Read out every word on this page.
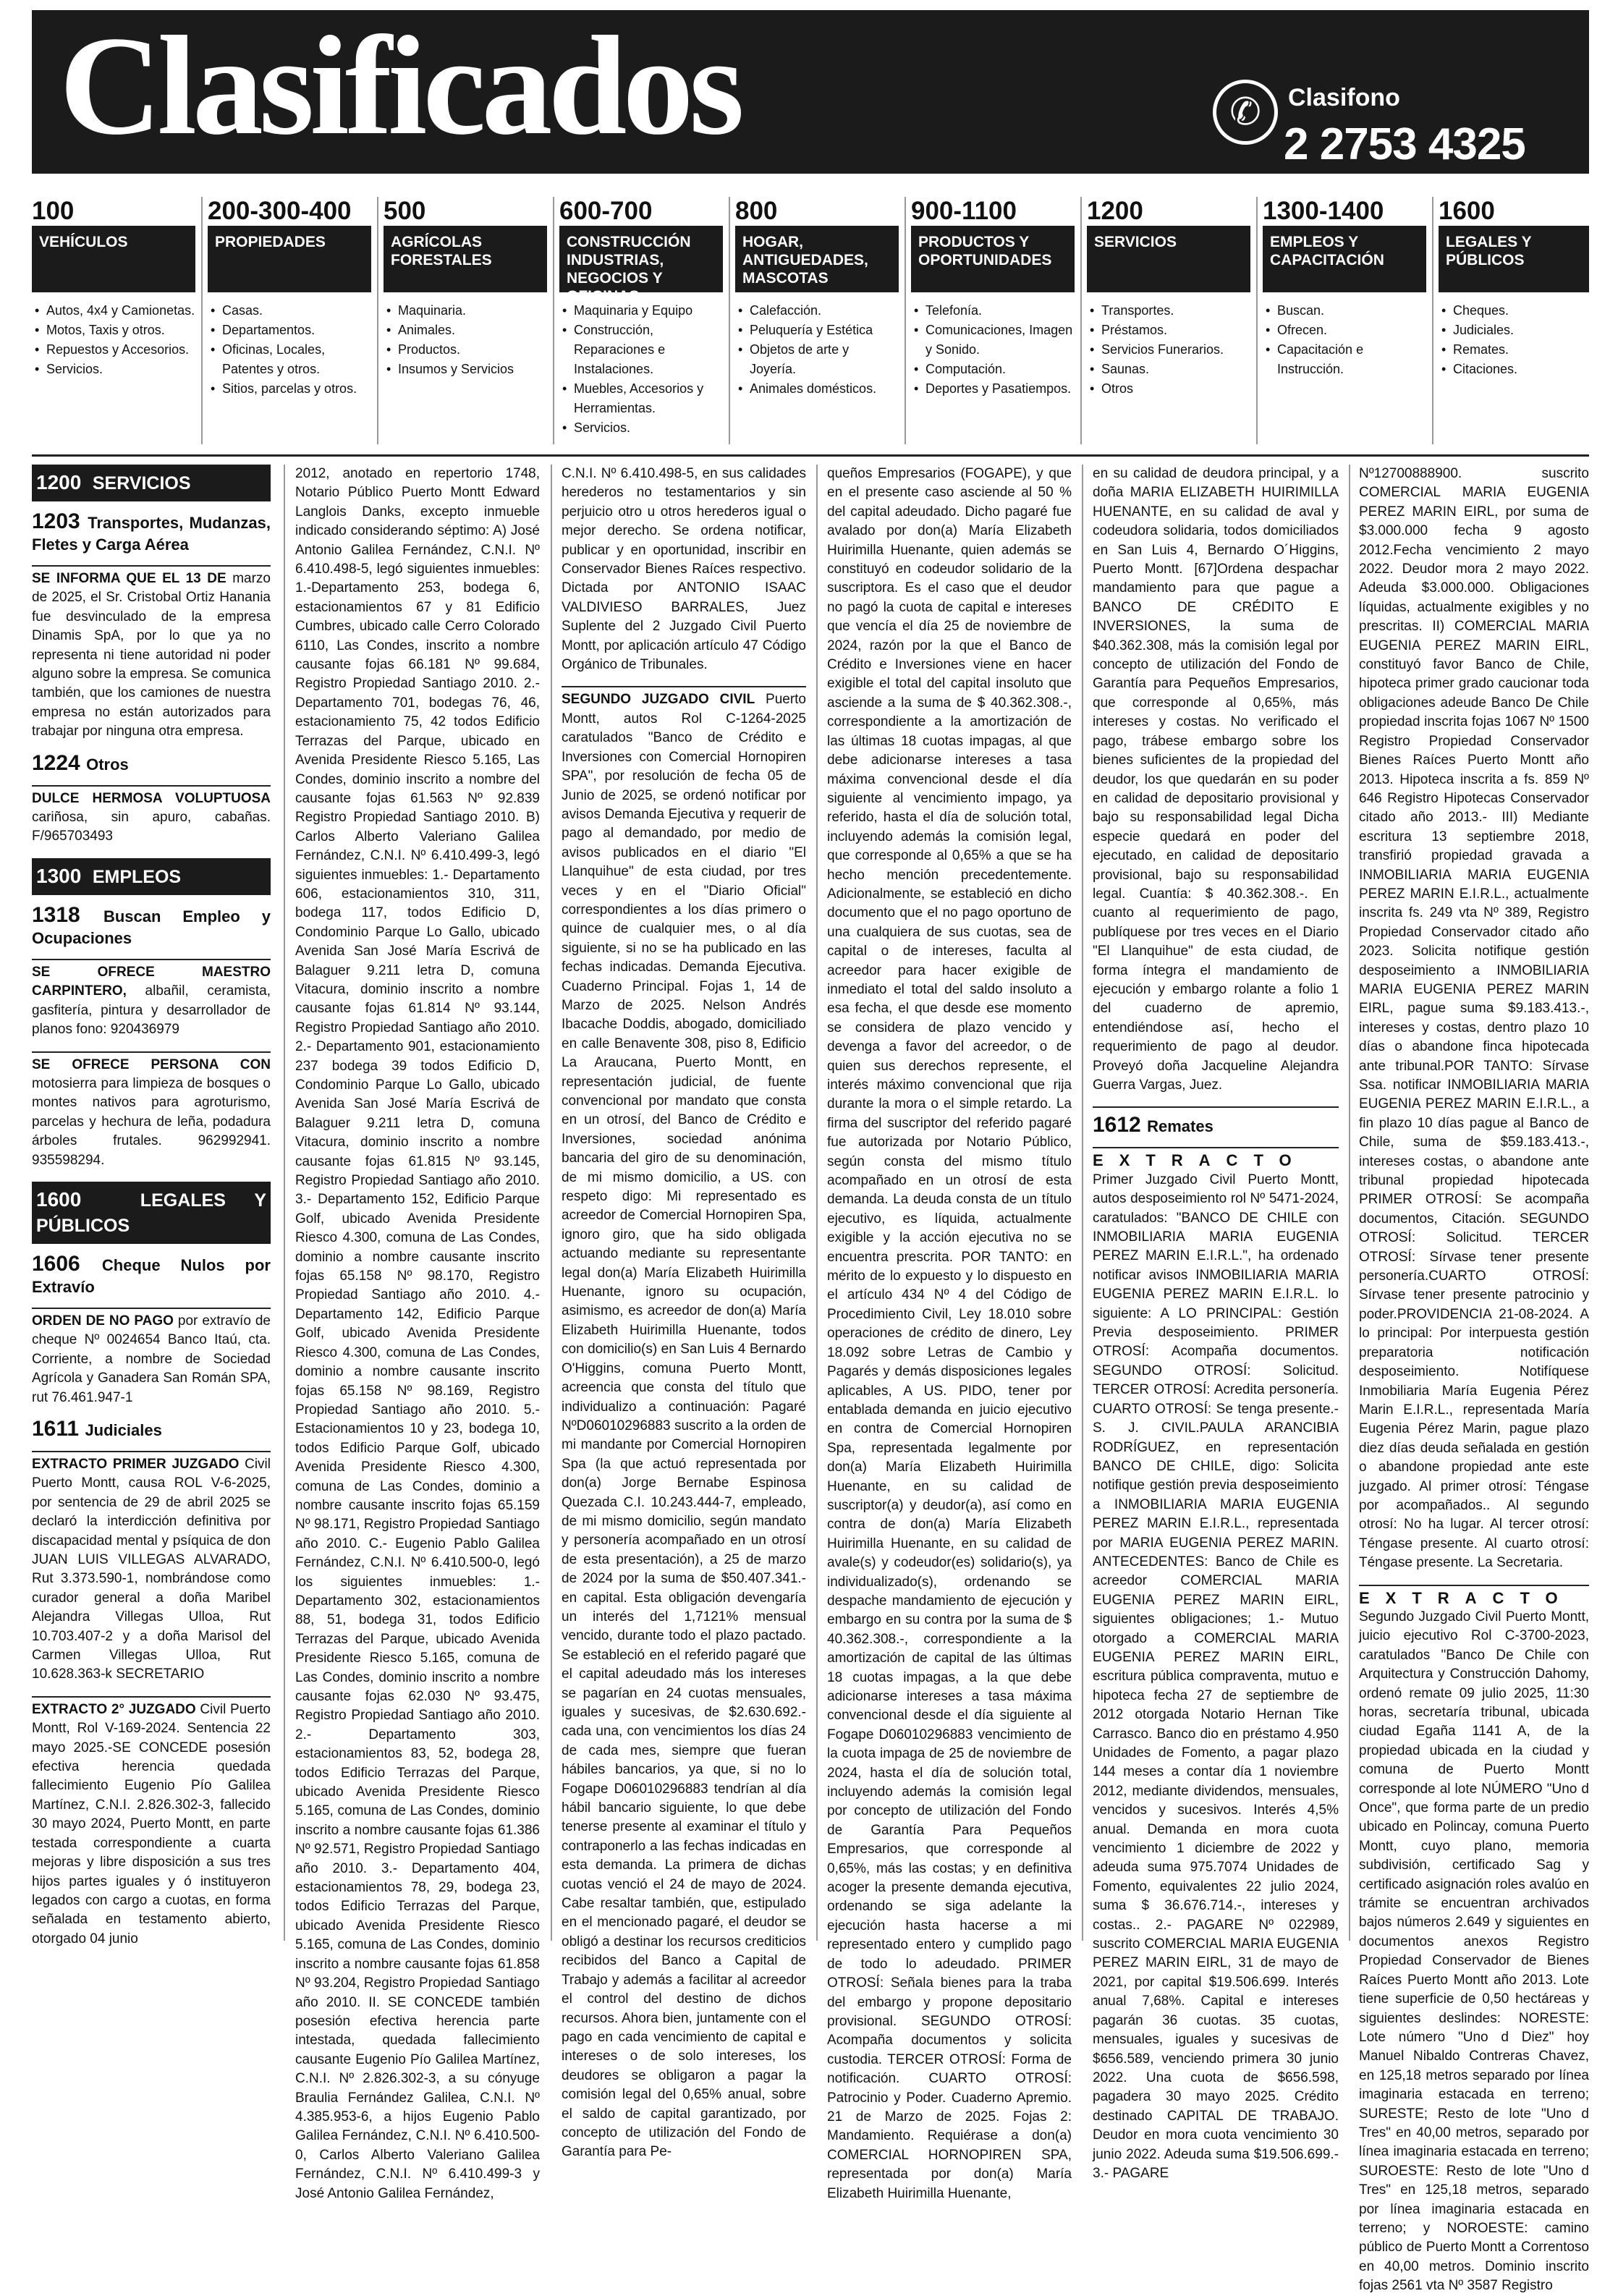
Clasificados	✆	Clasifono
2 2753 4325
100
VEHÍCULOS
• Autos, 4x4 y Camionetas.
• Motos, Taxis y otros.
• Repuestos y Accesorios.
• Servicios.
200-300-400
PROPIEDADES
• Casas.
• Departamentos.
• Oficinas, Locales, Patentes y otros.
• Sitios, parcelas y otros.
500
AGRÍCOLAS FORESTALES
• Maquinaria.
• Animales.
• Productos.
• Insumos y Servicios
600-700
CONSTRUCCIÓN INDUSTRIAS, NEGOCIOS Y OFICINAS
• Maquinaria y Equipo
• Construcción, Reparaciones e Instalaciones.
• Muebles, Accesorios y Herramientas.
• Servicios.
800
HOGAR, ANTIGUEDADES, MASCOTAS
• Calefacción.
• Peluquería y Estética
• Objetos de arte y Joyería.
• Animales domésticos.
900-1100
PRODUCTOS Y OPORTUNIDADES
• Telefonía.
• Comunicaciones, Imagen y Sonido.
• Computación.
• Deportes y Pasatiempos.
1200
SERVICIOS
• Transportes.
• Préstamos.
• Servicios Funerarios.
• Saunas.
• Otros
1300-1400
EMPLEOS Y CAPACITACIÓN
• Buscan.
• Ofrecen.
• Capacitación e Instrucción.
1600
LEGALES Y PÚBLICOS
• Cheques.
• Judiciales.
• Remates.
• Citaciones.
1200 SERVICIOS
1203 Transportes, Mudanzas, Fletes y Carga Aérea

SE INFORMA QUE EL 13 DE marzo de 2025, el Sr. Cristobal Ortiz Hanania fue desvinculado de la empresa Dinamis SpA, por lo que ya no representa ni tiene autoridad ni poder alguno sobre la empresa. Se comunica también, que los camiones de nuestra empresa no están autorizados para trabajar por ninguna otra empresa.

1224 Otros

DULCE HERMOSA VOLUPTUOSA cariñosa, sin apuro, cabañas. F/965703493

1300 EMPLEOS
1318 Buscan Empleo y Ocupaciones

SE OFRECE MAESTRO CARPINTERO, albañil, ceramista, gasfitería, pintura y desarrollador de planos fono: 920436979

SE OFRECE PERSONA CON motosierra para limpieza de bosques o montes nativos para agroturismo, parcelas y hechura de leña, podadura árboles frutales. 962992941. 935598294.

1600	LEGALES Y PÚBLICOS
1606 Cheque Nulos por Extravío

ORDEN DE NO PAGO por extravío de cheque Nº 0024654 Banco Itaú, cta. Corriente, a nombre de Sociedad Agrícola y Ganadera San Román SPA, rut 76.461.947-1

1611 Judiciales

EXTRACTO PRIMER JUZGADO Civil Puerto Montt, causa ROL V-6-2025, por sentencia de 29 de abril 2025 se declaró la interdicción definitiva por discapacidad mental y psíquica de don JUAN LUIS VILLEGAS ALVARADO, Rut 3.373.590-1, nombrándose como curador general a doña Maribel Alejandra Villegas Ulloa, Rut 10.703.407-2 y a doña Marisol del Carmen Villegas Ulloa, Rut 10.628.363-k SECRETARIO

EXTRACTO 2° JUZGADO Civil Puerto Montt, Rol V-169-2024. Sentencia 22 mayo 2025.-SE CONCEDE posesión efectiva herencia quedada fallecimiento Eugenio Pío Galilea Martínez, C.N.I. 2.826.302-3, fallecido 30 mayo 2024, Puerto Montt, en parte testada correspondiente a cuarta mejoras y libre disposición a sus tres hijos partes iguales y ó instituyeron legados con cargo a cuotas, en forma señalada en testamento abierto, otorgado 04 junio

2012, anotado en repertorio 1748, Notario Público Puerto Montt Edward Langlois Danks, excepto inmueble indicado considerando séptimo: A) José Antonio Galilea Fernández, C.N.I. Nº 6.410.498-5, legó siguientes inmuebles: 1.-Departamento 253, bodega 6, estacionamientos 67 y 81 Edificio Cumbres, ubicado calle Cerro Colorado 6110, Las Condes, inscrito a nombre causante fojas 66.181 Nº 99.684, Registro Propiedad Santiago 2010. 2.- Departamento 701, bodegas 76, 46, estacionamiento 75, 42 todos Edificio Terrazas del Parque, ubicado en Avenida Presidente Riesco 5.165, Las Condes, dominio inscrito a nombre del causante fojas 61.563 Nº 92.839 Registro Propiedad Santiago 2010. B) Carlos Alberto Valeriano Galilea Fernández, C.N.I. Nº 6.410.499-3, legó siguientes inmuebles: 1.- Departamento 606, estacionamientos 310, 311, bodega 117, todos Edificio D, Condominio Parque Lo Gallo, ubicado Avenida San José María Escrivá de Balaguer 9.211 letra D, comuna Vitacura, dominio inscrito a nombre causante fojas 61.814 Nº 93.144, Registro Propiedad Santiago año 2010. 2.- Departamento 901, estacionamiento 237 bodega 39 todos Edificio D, Condominio Parque Lo Gallo, ubicado Avenida San José María Escrivá de Balaguer 9.211 letra D, comuna Vitacura, dominio inscrito a nombre causante fojas 61.815 Nº 93.145, Registro Propiedad Santiago año 2010. 3.- Departamento 152, Edificio Parque Golf, ubicado Avenida Presidente Riesco 4.300, comuna de Las Condes, dominio a nombre causante inscrito fojas 65.158 Nº 98.170, Registro Propiedad Santiago año 2010. 4.- Departamento 142, Edificio Parque Golf, ubicado Avenida Presidente Riesco 4.300, comuna de Las Condes, dominio a nombre causante inscrito fojas 65.158 Nº 98.169, Registro Propiedad Santiago año 2010. 5.- Estacionamientos 10 y 23, bodega 10, todos Edificio Parque Golf, ubicado Avenida Presidente Riesco 4.300, comuna de Las Condes, dominio a nombre causante inscrito fojas 65.159 Nº 98.171, Registro Propiedad Santiago año 2010. C.- Eugenio Pablo Galilea Fernández, C.N.I. Nº 6.410.500-0, legó los siguientes inmuebles: 1.- Departamento 302, estacionamientos 88, 51, bodega 31, todos Edificio Terrazas del Parque, ubicado Avenida Presidente Riesco 5.165, comuna de Las Condes, dominio inscrito a nombre causante fojas 62.030 Nº 93.475, Registro Propiedad Santiago año 2010. 2.- Departamento 303, estacionamientos 83, 52, bodega 28, todos Edificio Terrazas del Parque, ubicado Avenida Presidente Riesco 5.165, comuna de Las Condes, dominio inscrito a nombre causante fojas 61.386 Nº 92.571, Registro Propiedad Santiago año 2010. 3.- Departamento 404, estacionamientos 78, 29, bodega 23, todos Edificio Terrazas del Parque, ubicado Avenida Presidente Riesco 5.165, comuna de Las Condes, dominio inscrito a nombre causante fojas 61.858 Nº 93.204, Registro Propiedad Santiago año 2010. II. SE CONCEDE también posesión efectiva herencia parte intestada, quedada fallecimiento causante Eugenio Pío Galilea Martínez, C.N.I. Nº 2.826.302-3, a su cónyuge Braulia Fernández Galilea, C.N.I. Nº 4.385.953-6, a hijos Eugenio Pablo Galilea Fernández, C.N.I. Nº 6.410.500-0, Carlos Alberto Valeriano Galilea Fernández, C.N.I. Nº 6.410.499-3 y José Antonio Galilea Fernández,

C.N.I. Nº 6.410.498-5, en sus calidades herederos no testamentarios y sin perjuicio otro u otros herederos igual o mejor derecho. Se ordena notificar, publicar y en oportunidad, inscribir en Conservador Bienes Raíces respectivo. Dictada por ANTONIO ISAAC VALDIVIESO BARRALES, Juez Suplente del 2 Juzgado Civil Puerto Montt, por aplicación artículo 47 Código Orgánico de Tribunales.

SEGUNDO JUZGADO CIVIL Puerto Montt, autos Rol C-1264-2025 caratulados "Banco de Crédito e Inversiones con Comercial Hornopiren SPA", por resolución de fecha 05 de Junio de 2025, se ordenó notificar por avisos Demanda Ejecutiva y requerir de pago al demandado, por medio de avisos publicados en el diario "El Llanquihue" de esta ciudad, por tres veces y en el "Diario Oficial" correspondientes a los días primero o quince de cualquier mes, o al día siguiente, si no se ha publicado en las fechas indicadas. Demanda Ejecutiva. Cuaderno Principal. Fojas 1, 14 de Marzo de 2025. Nelson Andrés Ibacache Doddis, abogado, domiciliado en calle Benavente 308, piso 8, Edificio La Araucana, Puerto Montt, en representación judicial, de fuente convencional por mandato que consta en un otrosí, del Banco de Crédito e Inversiones, sociedad anónima bancaria del giro de su denominación, de mi mismo domicilio, a US. con respeto digo: Mi representado es acreedor de Comercial Hornopiren Spa, ignoro giro, que ha sido obligada actuando mediante su representante legal don(a) María Elizabeth Huirimilla Huenante, ignoro su ocupación, asimismo, es acreedor de don(a) María Elizabeth Huirimilla Huenante, todos con domicilio(s) en San Luis 4 Bernardo O'Higgins, comuna Puerto Montt, acreencia que consta del título que individualizo a continuación: Pagaré NºD06010296883 suscrito a la orden de mi mandante por Comercial Hornopiren Spa (la que actuó representada por don(a) Jorge Bernabe Espinosa Quezada C.I. 10.243.444-7, empleado, de mi mismo domicilio, según mandato y personería acompañado en un otrosí de esta presentación), a 25 de marzo de 2024 por la suma de $50.407.341.- en capital. Esta obligación devengaría un interés del 1,7121% mensual vencido, durante todo el plazo pactado. Se estableció en el referido pagaré que el capital adeudado más los intereses se pagarían en 24 cuotas mensuales, iguales y sucesivas, de $2.630.692.- cada una, con vencimientos los días 24 de cada mes, siempre que fueran hábiles bancarios, ya que, si no lo Fogape D06010296883 tendrían al día hábil bancario siguiente, lo que debe tenerse presente al examinar el título y contraponerlo a las fechas indicadas en esta demanda. La primera de dichas cuotas venció el 24 de mayo de 2024. Cabe resaltar también, que, estipulado en el mencionado pagaré, el deudor se obligó a destinar los recursos crediticios recibidos del Banco a Capital de Trabajo y además a facilitar al acreedor el control del destino de dichos recursos. Ahora bien, juntamente con el pago en cada vencimiento de capital e intereses o de solo intereses, los deudores se obligaron a pagar la comisión legal del 0,65% anual, sobre el saldo de capital garantizado, por concepto de utilización del Fondo de Garantía para Pe-

queños Empresarios (FOGAPE), y que en el presente caso asciende al 50 % del capital adeudado. Dicho pagaré fue avalado por don(a) María Elizabeth Huirimilla Huenante, quien además se constituyó en codeudor solidario de la suscriptora. Es el caso que el deudor no pagó la cuota de capital e intereses que vencía el día 25 de noviembre de 2024, razón por la que el Banco de Crédito e Inversiones viene en hacer exigible el total del capital insoluto que asciende a la suma de $ 40.362.308.-, correspondiente a la amortización de las últimas 18 cuotas impagas, al que debe adicionarse intereses a tasa máxima convencional desde el día siguiente al vencimiento impago, ya referido, hasta el día de solución total, incluyendo además la comisión legal, que corresponde al 0,65% a que se ha hecho mención precedentemente. Adicionalmente, se estableció en dicho documento que el no pago oportuno de una cualquiera de sus cuotas, sea de capital o de intereses, faculta al acreedor para hacer exigible de inmediato el total del saldo insoluto a esa fecha, el que desde ese momento se considera de plazo vencido y devenga a favor del acreedor, o de quien sus derechos represente, el interés máximo convencional que rija durante la mora o el simple retardo. La firma del suscriptor del referido pagaré fue autorizada por Notario Público, según consta del mismo título acompañado en un otrosí de esta demanda. La deuda consta de un título ejecutivo, es líquida, actualmente exigible y la acción ejecutiva no se encuentra prescrita. POR TANTO: en mérito de lo expuesto y lo dispuesto en el artículo 434 Nº 4 del Código de Procedimiento Civil, Ley 18.010 sobre operaciones de crédito de dinero, Ley 18.092 sobre Letras de Cambio y Pagarés y demás disposiciones legales aplicables, A US. PIDO, tener por entablada demanda en juicio ejecutivo en contra de Comercial Hornopiren Spa, representada legalmente por don(a) María Elizabeth Huirimilla Huenante, en su calidad de suscriptor(a) y deudor(a), así como en contra de don(a) María Elizabeth Huirimilla Huenante, en su calidad de avale(s) y codeudor(es) solidario(s), ya individualizado(s), ordenando se despache mandamiento de ejecución y embargo en su contra por la suma de $ 40.362.308.-, correspondiente a la amortización de capital de las últimas 18 cuotas impagas, a la que debe adicionarse intereses a tasa máxima convencional desde el día siguiente al Fogape D06010296883 vencimiento de la cuota impaga de 25 de noviembre de 2024, hasta el día de solución total, incluyendo además la comisión legal por concepto de utilización del Fondo de Garantía Para Pequeños Empresarios, que corresponde al 0,65%, más las costas; y en definitiva acoger la presente demanda ejecutiva, ordenando se siga adelante la ejecución hasta hacerse a mi representado entero y cumplido pago de todo lo adeudado. PRIMER OTROSÍ: Señala bienes para la traba del embargo y propone depositario provisional. SEGUNDO OTROSÍ: Acompaña documentos y solicita custodia. TERCER OTROSÍ: Forma de notificación. CUARTO OTROSÍ: Patrocinio y Poder. Cuaderno Apremio. 21 de Marzo de 2025. Fojas 2: Mandamiento. Requiérase a don(a) COMERCIAL HORNOPIREN SPA, representada por don(a) María Elizabeth Huirimilla Huenante,

en su calidad de deudora principal, y a doña MARIA ELIZABETH HUIRIMILLA HUENANTE, en su calidad de aval y codeudora solidaria, todos domiciliados en San Luis 4, Bernardo O´Higgins, Puerto Montt. [67]Ordena despachar mandamiento para que pague a BANCO DE CRÉDITO E INVERSIONES, la suma de $40.362.308, más la comisión legal por concepto de utilización del Fondo de Garantía para Pequeños Empresarios, que corresponde al 0,65%, más intereses y costas. No verificado el pago, trábese embargo sobre los bienes suficientes de la propiedad del deudor, los que quedarán en su poder en calidad de depositario provisional y bajo su responsabilidad legal Dicha especie quedará en poder del ejecutado, en calidad de depositario provisional, bajo su responsabilidad legal. Cuantía: $ 40.362.308.-. En cuanto al requerimiento de pago, publíquese por tres veces en el Diario "El Llanquihue" de esta ciudad, de forma íntegra el mandamiento de ejecución y embargo rolante a folio 1 del cuaderno de apremio, entendiéndose así, hecho el requerimiento de pago al deudor. Proveyó doña Jacqueline Alejandra Guerra Vargas, Juez.

1612 Remates
EXTRACTO

Primer Juzgado Civil Puerto Montt, autos desposeimiento rol Nº 5471-2024, caratulados: "BANCO DE CHILE con INMOBILIARIA MARIA EUGENIA PEREZ MARIN E.I.R.L.", ha ordenado notificar avisos INMOBILIARIA MARIA EUGENIA PEREZ MARIN E.I.R.L. lo siguiente: A LO PRINCIPAL: Gestión Previa desposeimiento. PRIMER OTROSÍ: Acompaña documentos. SEGUNDO OTROSÍ: Solicitud. TERCER OTROSÍ: Acredita personería. CUARTO OTROSÍ: Se tenga presente.- S. J. CIVIL.PAULA ARANCIBIA RODRÍGUEZ, en representación BANCO DE CHILE, digo: Solicita notifique gestión previa desposeimiento a INMOBILIARIA MARIA EUGENIA PEREZ MARIN E.I.R.L., representada por MARIA EUGENIA PEREZ MARIN. ANTECEDENTES: Banco de Chile es acreedor COMERCIAL MARIA EUGENIA PEREZ MARIN EIRL, siguientes obligaciones; 1.- Mutuo otorgado a COMERCIAL MARIA EUGENIA PEREZ MARIN EIRL, escritura pública compraventa, mutuo e hipoteca fecha 27 de septiembre de 2012 otorgada Notario Hernan Tike Carrasco. Banco dio en préstamo 4.950 Unidades de Fomento, a pagar plazo 144 meses a contar día 1 noviembre 2012, mediante dividendos, mensuales, vencidos y sucesivos. Interés 4,5% anual. Demanda en mora cuota vencimiento 1 diciembre de 2022 y adeuda suma 975.7074 Unidades de Fomento, equivalentes 22 julio 2024, suma $ 36.676.714.-, intereses y costas.. 2.- PAGARE Nº 022989, suscrito COMERCIAL MARIA EUGENIA PEREZ MARIN EIRL, 31 de mayo de 2021, por capital $19.506.699. Interés anual 7,68%. Capital e intereses pagarán 36 cuotas. 35 cuotas, mensuales, iguales y sucesivas de $656.589, venciendo primera 30 junio 2022. Una cuota de $656.598, pagadera 30 mayo 2025. Crédito destinado CAPITAL DE TRABAJO. Deudor en mora cuota vencimiento 30 junio 2022. Adeuda suma $19.506.699.- 3.- PAGARE

Nº12700888900. suscrito COMERCIAL MARIA EUGENIA PEREZ MARIN EIRL, por suma de $3.000.000 fecha 9 agosto 2012.Fecha vencimiento 2 mayo 2022. Deudor mora 2 mayo 2022. Adeuda $3.000.000. Obligaciones líquidas, actualmente exigibles y no prescritas. II) COMERCIAL MARIA EUGENIA PEREZ MARIN EIRL, constituyó favor Banco de Chile, hipoteca primer grado caucionar toda obligaciones adeude Banco De Chile propiedad inscrita fojas 1067 Nº 1500 Registro Propiedad Conservador Bienes Raíces Puerto Montt año 2013. Hipoteca inscrita a fs. 859 Nº 646 Registro Hipotecas Conservador citado año 2013.- III) Mediante escritura 13 septiembre 2018, transfirió propiedad gravada a INMOBILIARIA MARIA EUGENIA PEREZ MARIN E.I.R.L., actualmente inscrita fs. 249 vta Nº 389, Registro Propiedad Conservador citado año 2023. Solicita notifique gestión desposeimiento a INMOBILIARIA MARIA EUGENIA PEREZ MARIN EIRL, pague suma $9.183.413.-, intereses y costas, dentro plazo 10 días o abandone finca hipotecada ante tribunal.POR TANTO: Sírvase Ssa. notificar INMOBILIARIA MARIA EUGENIA PEREZ MARIN E.I.R.L., a fin plazo 10 días pague al Banco de Chile, suma de $59.183.413.-, intereses costas, o abandone ante tribunal propiedad hipotecada PRIMER OTROSÍ: Se acompaña documentos, Citación. SEGUNDO OTROSÍ: Solicitud. TERCER OTROSÍ: Sírvase tener presente personería.CUARTO OTROSÍ: Sírvase tener presente patrocinio y poder.PROVIDENCIA 21-08-2024. A lo principal: Por interpuesta gestión preparatoria notificación desposeimiento. Notifíquese Inmobiliaria María Eugenia Pérez Marin E.I.R.L., representada María Eugenia Pérez Marin, pague plazo diez días deuda señalada en gestión o abandone propiedad ante este juzgado. Al primer otrosí: Téngase por acompañados.. Al segundo otrosí: No ha lugar. Al tercer otrosí: Téngase presente. Al cuarto otrosí: Téngase presente. La Secretaria.

EXTRACTO

Segundo Juzgado Civil Puerto Montt, juicio ejecutivo Rol C-3700-2023, caratulados "Banco De Chile con Arquitectura y Construcción Dahomy, ordenó remate 09 julio 2025, 11:30 horas, secretaría tribunal, ubicada ciudad Egaña 1141 A, de la propiedad ubicada en la ciudad y comuna de Puerto Montt corresponde al lote NÚMERO "Uno d Once", que forma parte de un predio ubicado en Polincay, comuna Puerto Montt, cuyo plano, memoria subdivisión, certificado Sag y certificado asignación roles avalúo en trámite se encuentran archivados bajos números 2.649 y siguientes en documentos anexos Registro Propiedad Conservador de Bienes Raíces Puerto Montt año 2013. Lote tiene superficie de 0,50 hectáreas y siguientes deslindes: NORESTE: Lote número "Uno d Diez" hoy Manuel Nibaldo Contreras Chavez, en 125,18 metros separado por línea imaginaria estacada en terreno; SURESTE; Resto de lote "Uno d Tres" en 40,00 metros, separado por línea imaginaria estacada en terreno; SUROESTE: Resto de lote "Uno d Tres" en 125,18 metros, separado por línea imaginaria estacada en terreno; y NOROESTE: camino público de Puerto Montt a Correntoso en 40,00 metros. Dominio inscrito fojas 2561 vta Nº 3587 Registro
